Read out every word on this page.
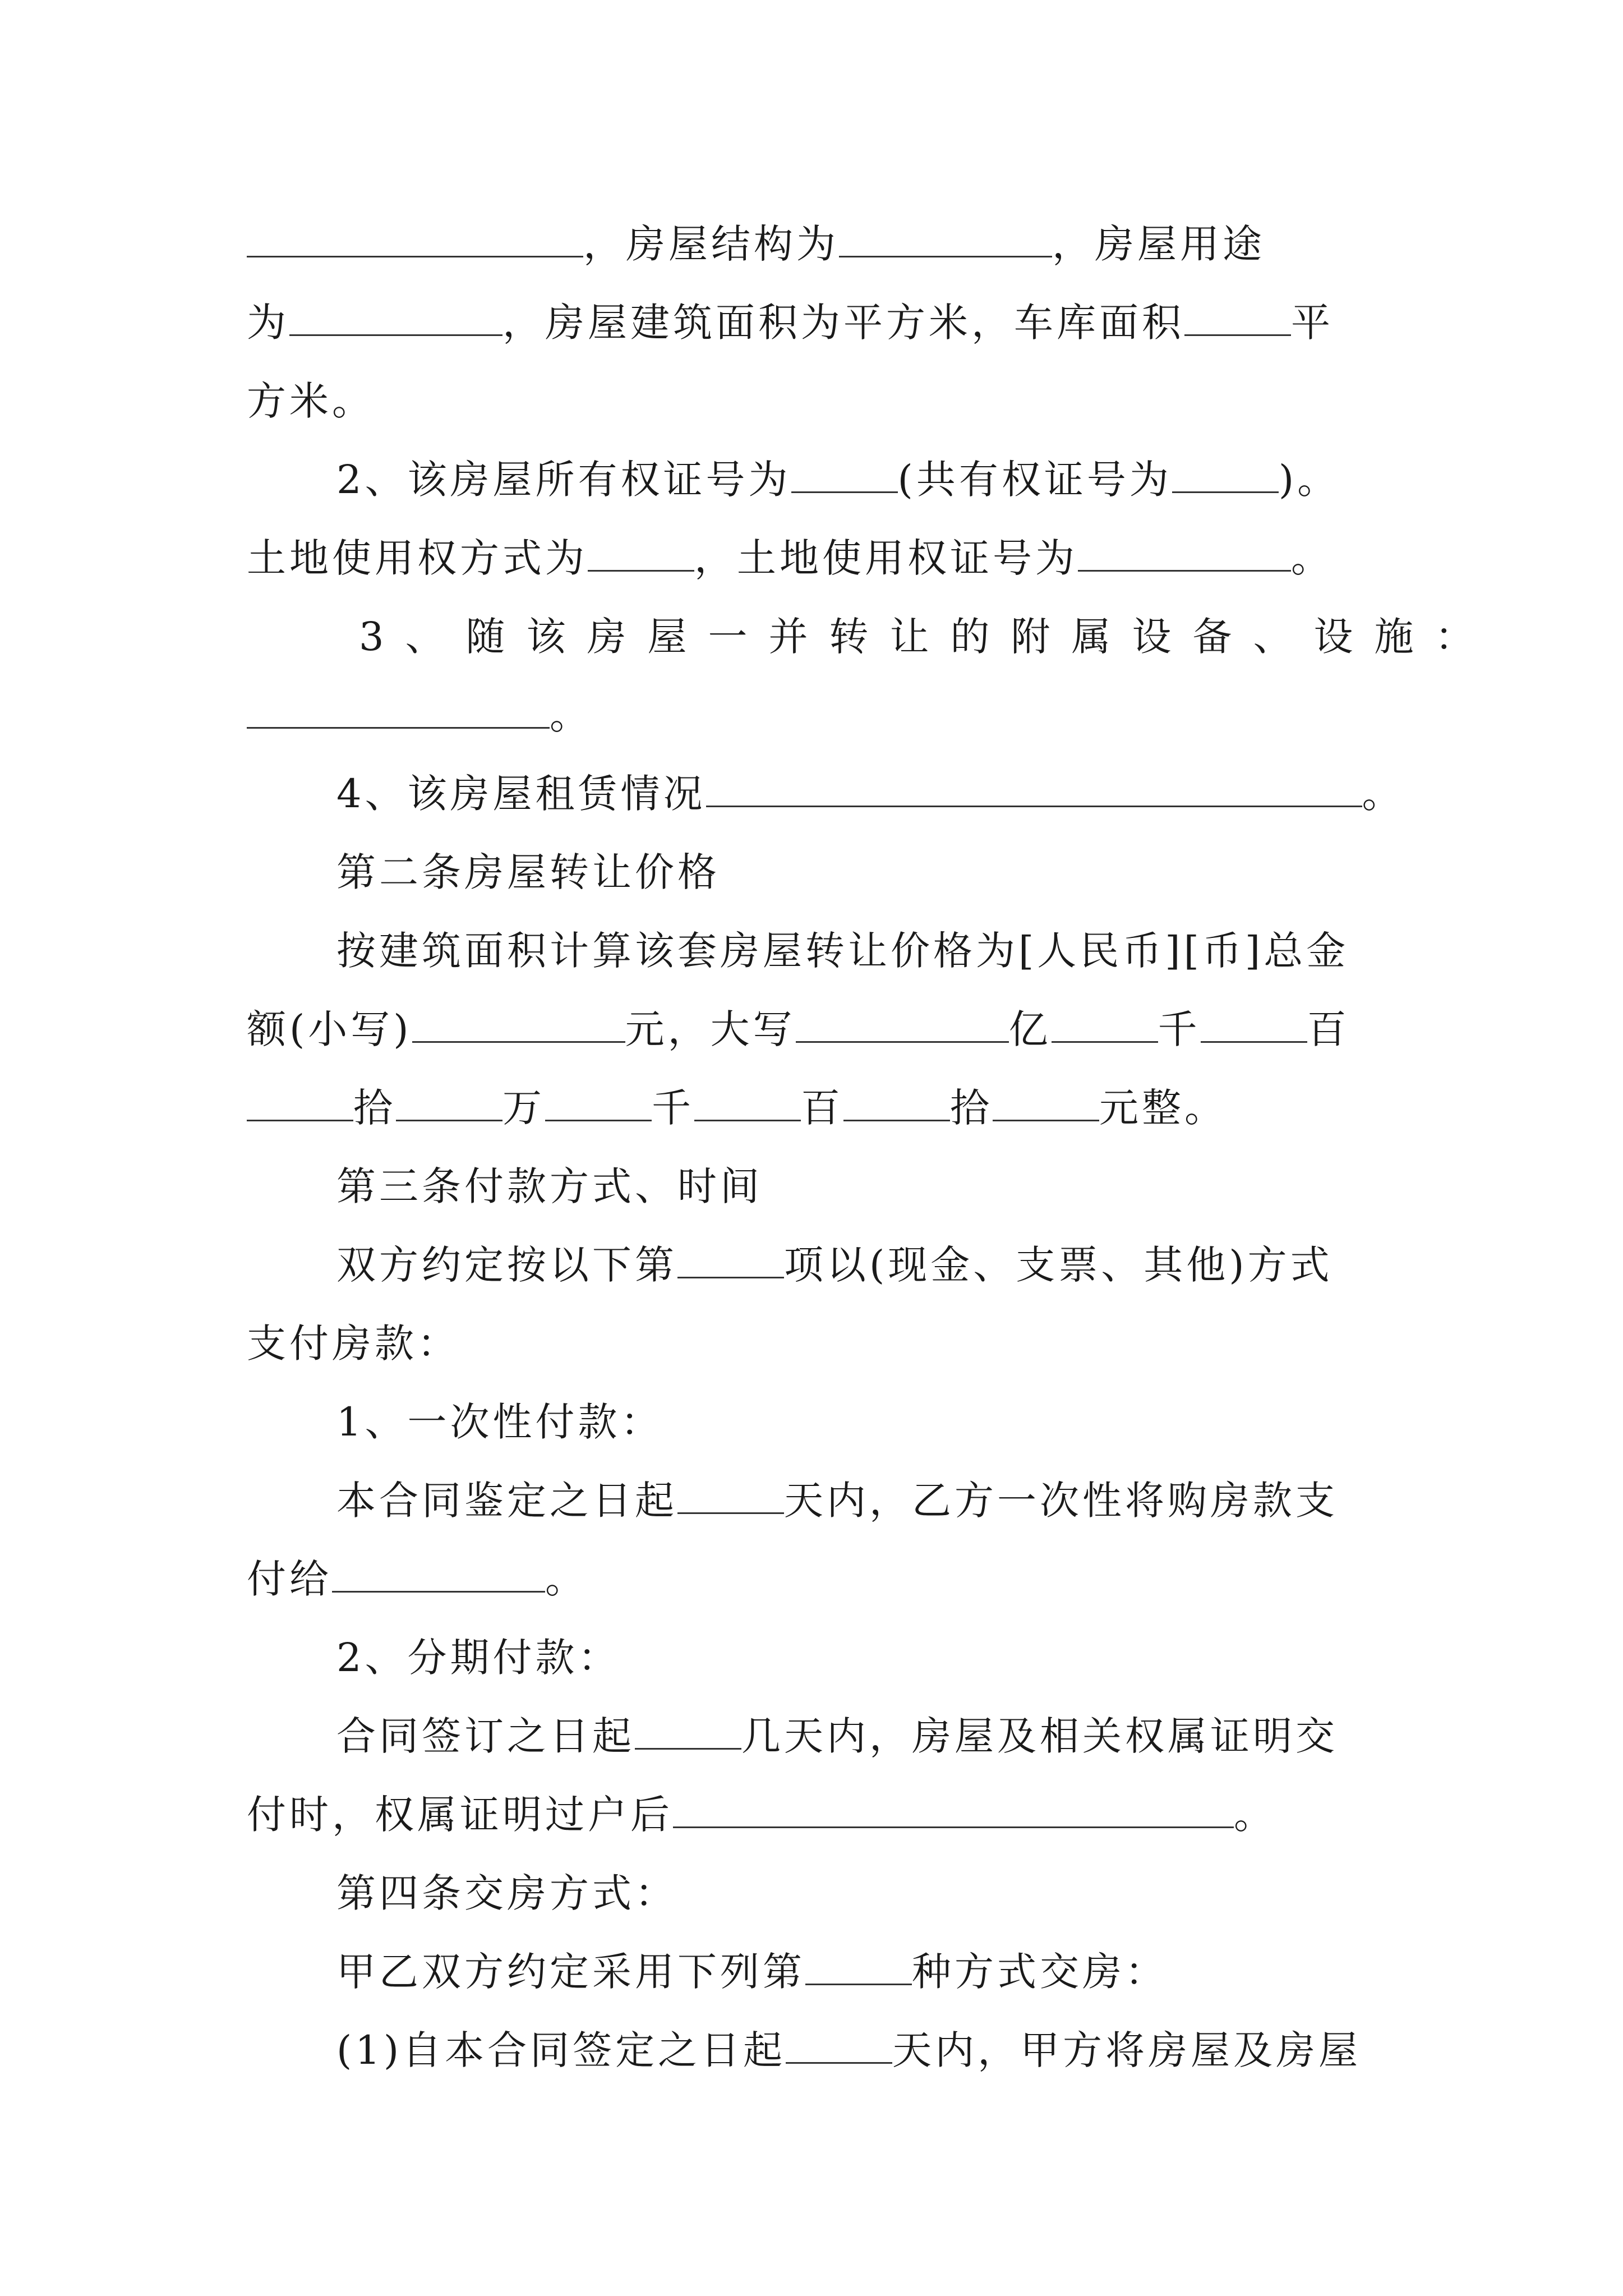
，房屋结构为	，房屋用途
为	，房屋建筑面积为平方米，车库面积	平
方米。
2、该房屋所有权证号为	(共有权证号为	)。
土地使用权方式为	，土地使用权证号为	。
3、随该房屋一并转让的附属设备、设施：
。
4、该房屋租赁情况	。
第二条房屋转让价格
按建筑面积计算该套房屋转让价格为[人民币][币]总金
额(小写)	元，大写	亿	千	百
拾	万	千	百	拾	元整。
第三条付款方式、时间
双方约定按以下第	项以(现金、支票、其他)方式
支付房款：
1、一次性付款：
本合同鉴定之日起	天内，乙方一次性将购房款支
付给	。
2、分期付款：
合同签订之日起	几天内，房屋及相关权属证明交
付时，权属证明过户后	。
第四条交房方式：
甲乙双方约定采用下列第	种方式交房：
(1)自本合同签定之日起	天内，甲方将房屋及房屋
